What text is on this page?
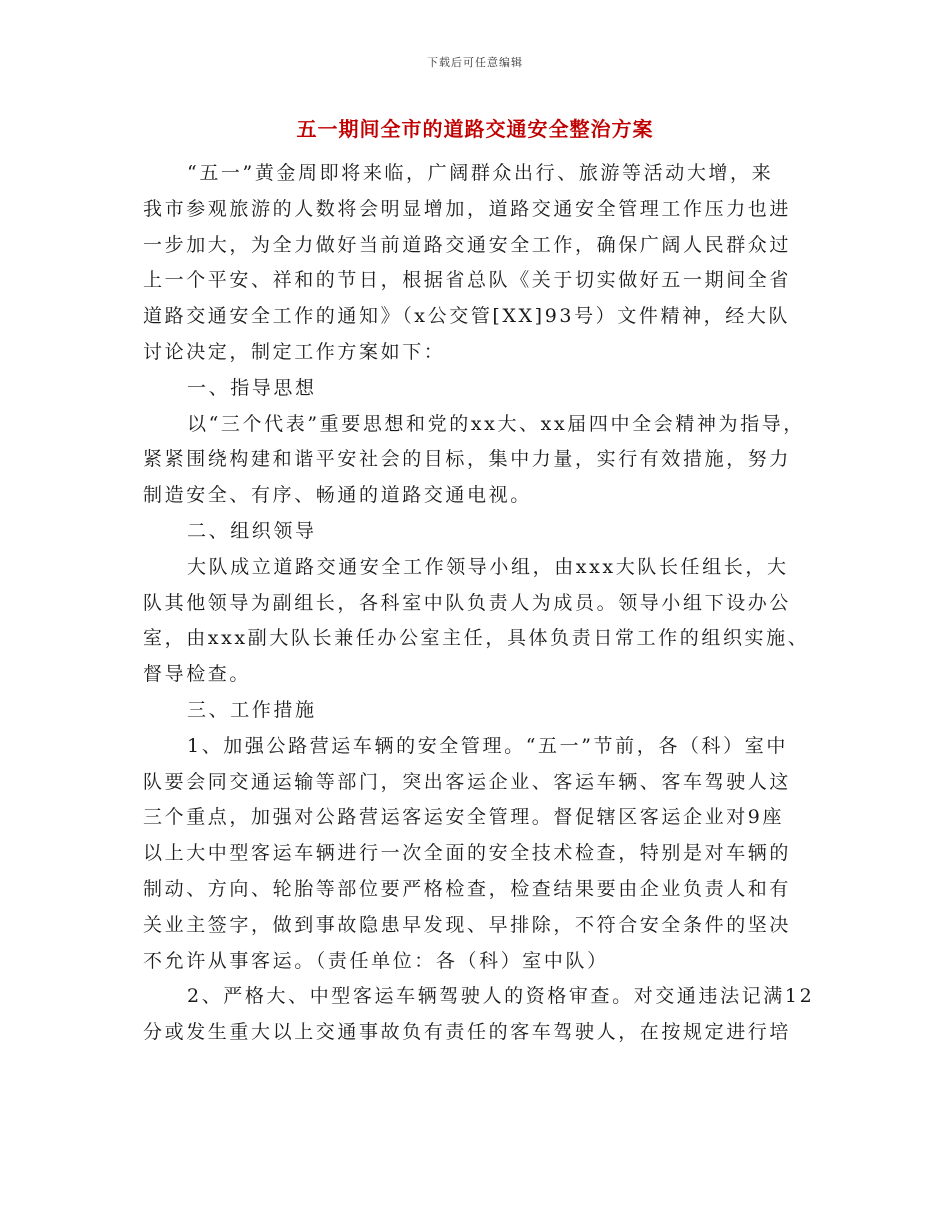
下载后可任意编辑
五一期间全市的道路交通安全整治方案
“五一”黄金周即将来临，广阔群众出行、旅游等活动大增，来
我市参观旅游的人数将会明显增加，道路交通安全管理工作压力也进
一步加大，为全力做好当前道路交通安全工作，确保广阔人民群众过
上一个平安、祥和的节日，根据省总队《关于切实做好五一期间全省
道路交通安全工作的通知》（x公交管[XX]93号）文件精神，经大队
讨论决定，制定工作方案如下：
一、指导思想
以“三个代表”重要思想和党的xx大、xx届四中全会精神为指导，
紧紧围绕构建和谐平安社会的目标，集中力量，实行有效措施，努力
制造安全、有序、畅通的道路交通电视。
二、组织领导
大队成立道路交通安全工作领导小组，由xxx大队长任组长，大
队其他领导为副组长，各科室中队负责人为成员。领导小组下设办公
室，由xxx副大队长兼任办公室主任，具体负责日常工作的组织实施、
督导检查。
三、工作措施
1、加强公路营运车辆的安全管理。“五一”节前，各（科）室中
队要会同交通运输等部门，突出客运企业、客运车辆、客车驾驶人这
三个重点，加强对公路营运客运安全管理。督促辖区客运企业对9座
以上大中型客运车辆进行一次全面的安全技术检查，特别是对车辆的
制动、方向、轮胎等部位要严格检查，检查结果要由企业负责人和有
关业主签字，做到事故隐患早发现、早排除，不符合安全条件的坚决
不允许从事客运。（责任单位：各（科）室中队）
2、严格大、中型客运车辆驾驶人的资格审查。对交通违法记满12
分或发生重大以上交通事故负有责任的客车驾驶人，在按规定进行培
